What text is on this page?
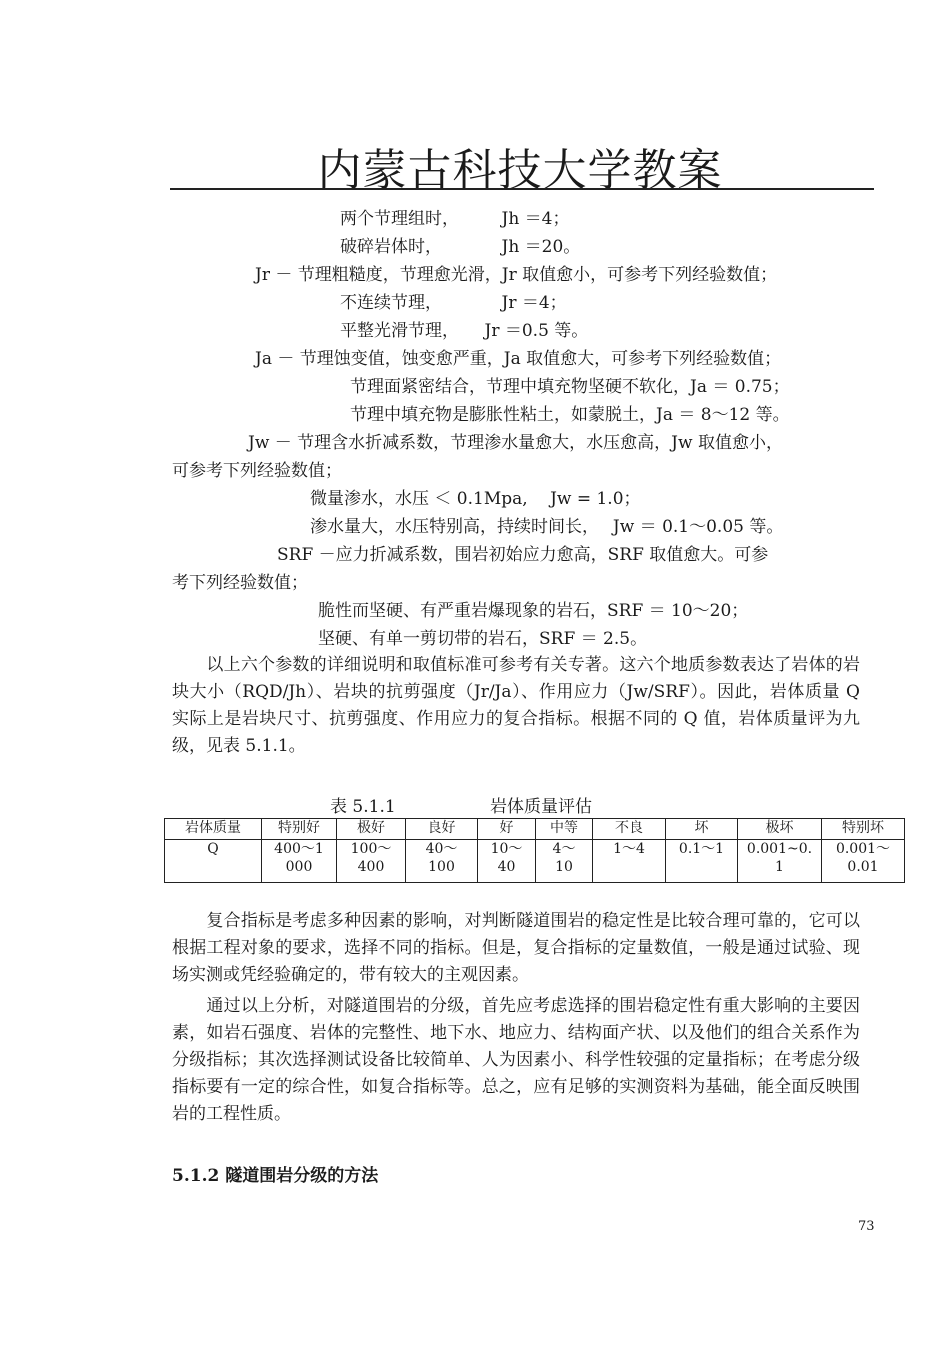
内蒙古科技大学教案
两个节理组时，　　　Jh ＝4；
破碎岩体时，　　　　Jh ＝20。
Jr － 节理粗糙度，节理愈光滑，Jr 取值愈小，可参考下列经验数值；
不连续节理，　　　　Jr ＝4；
平整光滑节理，　　Jr ＝0.5 等。
Ja － 节理蚀变值，蚀变愈严重，Ja 取值愈大，可参考下列经验数值；
节理面紧密结合，节理中填充物坚硬不软化，Ja ＝ 0.75；
节理中填充物是膨胀性粘土，如蒙脱土，Ja ＝ 8～12 等。
Jw － 节理含水折减系数，节理渗水量愈大，水压愈高，Jw 取值愈小，
可参考下列经验数值；
微量渗水，水压 ＜ 0.1Mpa,　 Jw = 1.0；
渗水量大，水压特别高，持续时间长，　 Jw ＝ 0.1～0.05 等。
SRF －应力折减系数，围岩初始应力愈高，SRF 取值愈大。可参
考下列经验数值；
脆性而坚硬、有严重岩爆现象的岩石，SRF ＝ 10～20；
坚硬、有单一剪切带的岩石，SRF ＝ 2.5。
　　以上六个参数的详细说明和取值标准可参考有关专著。这六个地质参数表达了岩体的岩块大小（RQD/Jh）、岩块的抗剪强度（Jr/Ja）、作用应力（Jw/SRF）。因此，岩体质量 Q 实际上是岩块尺寸、抗剪强度、作用应力的复合指标。根据不同的 Q 值，岩体质量评为九级，见表 5.1.1。
表 5.1.1	岩体质量评估
岩体质量	特别好	极好	良好	好	中等	不良	坏	极坏	特别坏
Q	400～1000	100～400	40～100	10～40	4～10	1～4	0.1～1	0.001~0.1	0.001～0.01
　　复合指标是考虑多种因素的影响，对判断隧道围岩的稳定性是比较合理可靠的，它可以根据工程对象的要求，选择不同的指标。但是，复合指标的定量数值，一般是通过试验、现场实测或凭经验确定的，带有较大的主观因素。
　　通过以上分析，对隧道围岩的分级，首先应考虑选择的围岩稳定性有重大影响的主要因素，如岩石强度、岩体的完整性、地下水、地应力、结构面产状、以及他们的组合关系作为分级指标；其次选择测试设备比较简单、人为因素小、科学性较强的定量指标；在考虑分级指标要有一定的综合性，如复合指标等。总之，应有足够的实测资料为基础，能全面反映围岩的工程性质。
5.1.2 隧道围岩分级的方法
73
